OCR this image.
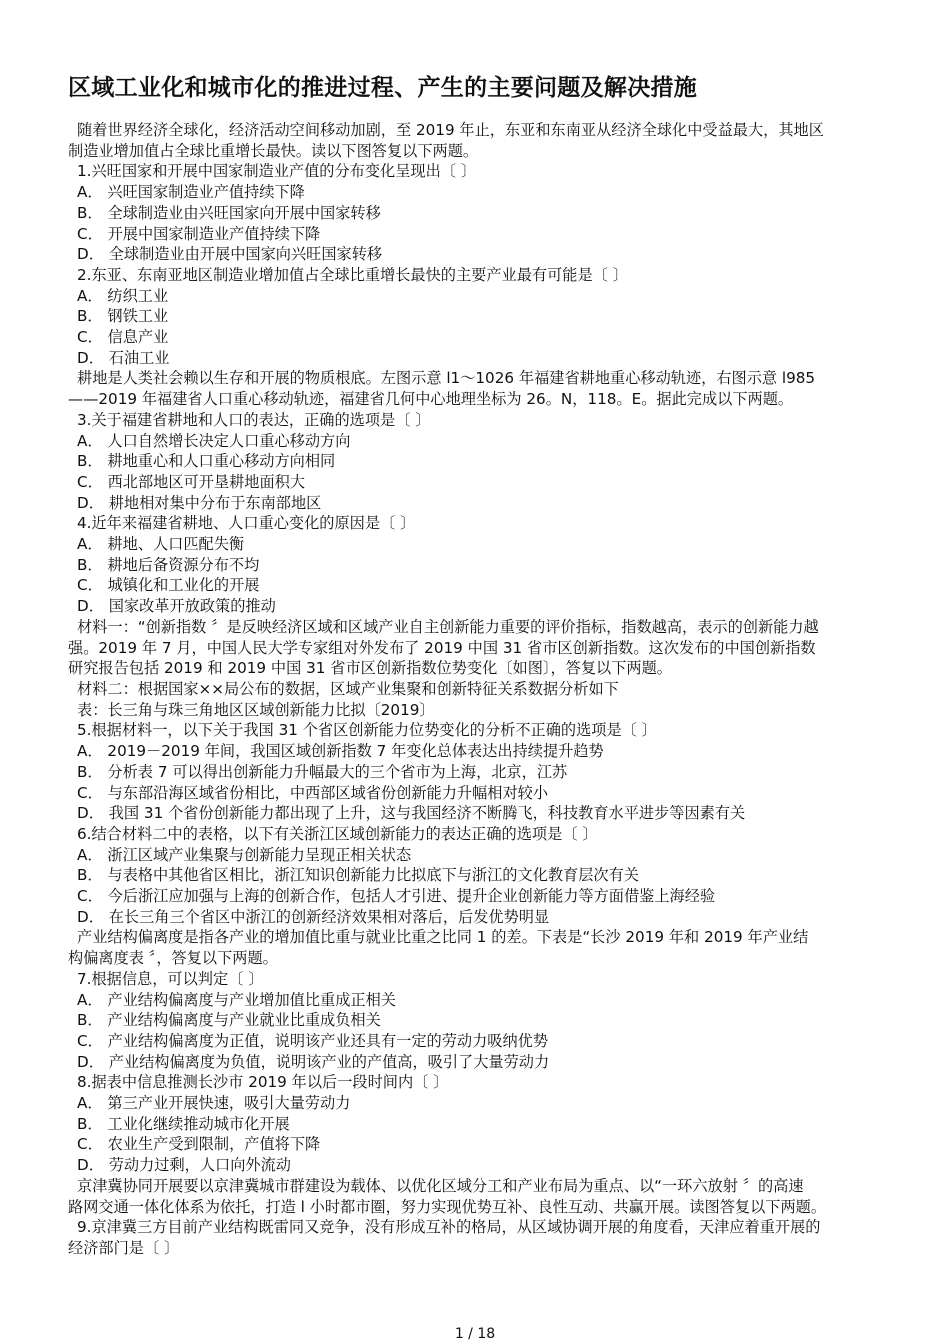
区域工业化和城市化的推进过程、产生的主要问题及解决措施
随着世界经济全球化，经济活动空间移动加剧，至 2019 年止，东亚和东南亚从经济全球化中受益最大，其地区
制造业增加值占全球比重增长最快。读以下图答复以下两题。
1.兴旺国家和开展中国家制造业产值的分布变化呈现出〔 〕
A． 兴旺国家制造业产值持续下降
B． 全球制造业由兴旺国家向开展中国家转移
C． 开展中国家制造业产值持续下降
D． 全球制造业由开展中国家向兴旺国家转移
2.东亚、东南亚地区制造业增加值占全球比重增长最快的主要产业最有可能是〔 〕
A． 纺织工业
B． 钢铁工业
C． 信息产业
D． 石油工业
耕地是人类社会赖以生存和开展的物质根底。左图示意 l1～1026 年福建省耕地重心移动轨迹，右图示意 l985
——2019 年福建省人口重心移动轨迹，福建省几何中心地理坐标为 26。N，118。E。据此完成以下两题。
3.关于福建省耕地和人口的表达，正确的选项是〔 〕
A． 人口自然增长决定人口重心移动方向
B． 耕地重心和人口重心移动方向相同
C． 西北部地区可开垦耕地面积大
D． 耕地相对集中分布于东南部地区
4.近年来福建省耕地、人口重心变化的原因是〔 〕
A． 耕地、人口匹配失衡
B． 耕地后备资源分布不均
C． 城镇化和工业化的开展
D． 国家改革开放政策的推动
材料一：“创新指数 〞是反映经济区域和区域产业自主创新能力重要的评价指标，指数越高，表示的创新能力越
强。2019 年 7 月，中国人民大学专家组对外发布了 2019 中国 31 省市区创新指数。这次发布的中国创新指数
研究报告包括 2019 和 2019 中国 31 省市区创新指数位势变化〔如图〕，答复以下两题。
材料二：根据国家××局公布的数据，区域产业集聚和创新特征关系数据分析如下
表：长三角与珠三角地区区域创新能力比拟〔2019〕
5.根据材料一，以下关于我国 31 个省区创新能力位势变化的分析不正确的选项是〔 〕
A． 2019－2019 年间，我国区域创新指数 7 年变化总体表达出持续提升趋势
B． 分析表 7 可以得出创新能力升幅最大的三个省市为上海，北京，江苏
C． 与东部沿海区域省份相比，中西部区域省份创新能力升幅相对较小
D． 我国 31 个省份创新能力都出现了上升，这与我国经济不断腾飞，科技教育水平进步等因素有关
6.结合材料二中的表格，以下有关浙江区域创新能力的表达正确的选项是〔 〕
A． 浙江区域产业集聚与创新能力呈现正相关状态
B． 与表格中其他省区相比，浙江知识创新能力比拟底下与浙江的文化教育层次有关
C． 今后浙江应加强与上海的创新合作，包括人才引进、提升企业创新能力等方面借鉴上海经验
D． 在长三角三个省区中浙江的创新经济效果相对落后，后发优势明显
产业结构偏离度是指各产业的增加值比重与就业比重之比同 1 的差。下表是“长沙 2019 年和 2019 年产业结
构偏离度表 〞，答复以下两题。
7.根据信息，可以判定〔 〕
A． 产业结构偏离度与产业增加值比重成正相关
B． 产业结构偏离度与产业就业比重成负相关
C． 产业结构偏离度为正值，说明该产业还具有一定的劳动力吸纳优势
D． 产业结构偏离度为负值，说明该产业的产值高，吸引了大量劳动力
8.据表中信息推测长沙市 2019 年以后一段时间内〔 〕
A． 第三产业开展快速，吸引大量劳动力
B． 工业化继续推动城市化开展
C． 农业生产受到限制，产值将下降
D． 劳动力过剩，人口向外流动
京津冀协同开展要以京津冀城市群建设为载体、以优化区域分工和产业布局为重点、以“一环六放射 〞的高速
路网交通一体化体系为依托，打造 l 小时都市圈，努力实现优势互补、良性互动、共赢开展。读图答复以下两题。
9.京津冀三方目前产业结构既雷同又竞争，没有形成互补的格局，从区域协调开展的角度看，天津应着重开展的
经济部门是〔 〕
1 / 18
